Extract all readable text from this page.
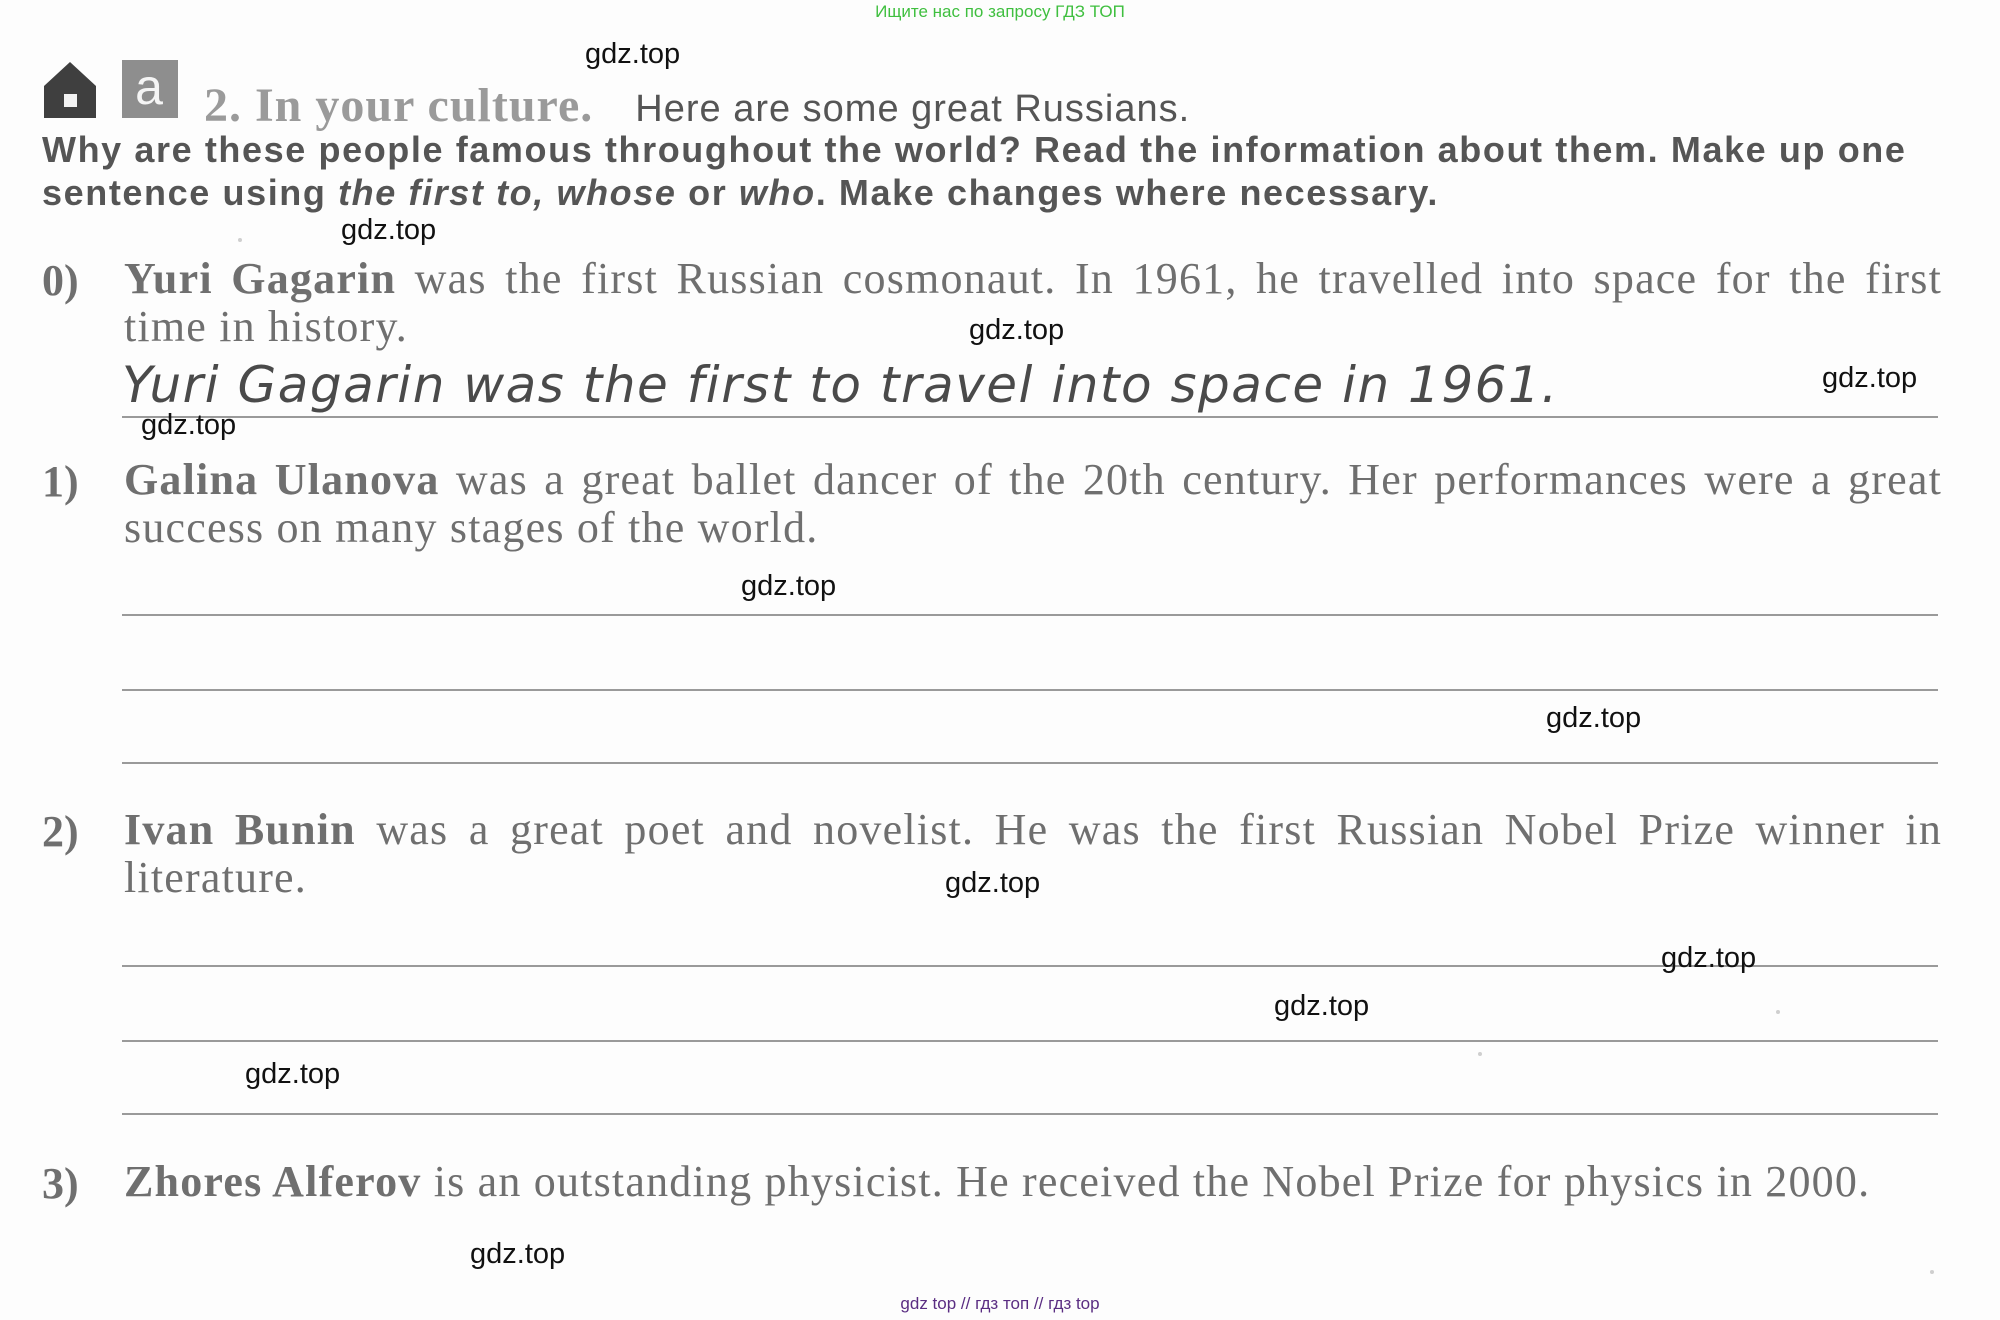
Ищите нас по запросу ГДЗ ТОП
a 2. In your culture. Here are some great Russians.
Why are these people famous throughout the world? Read the information about them. Make up one sentence using the first to, whose or who. Make changes where necessary.
0) Yuri Gagarin was the first Russian cosmonaut. In 1961, he travelled into space for the first time in history.
Yuri Gagarin was the first to travel into space in 1961.
1) Galina Ulanova was a great ballet dancer of the 20th century. Her performances were a great success on many stages of the world.
2) Ivan Bunin was a great poet and novelist. He was the first Russian Nobel Prize winner in literature.
3) Zhores Alferov is an outstanding physicist. He received the Nobel Prize for physics in 2000.
gdz.top
gdz.top
gdz.top
gdz.top
gdz.top
gdz.top
gdz.top
gdz.top
gdz.top
gdz.top
gdz.top
gdz.top
gdz top // гдз топ // гдз top
